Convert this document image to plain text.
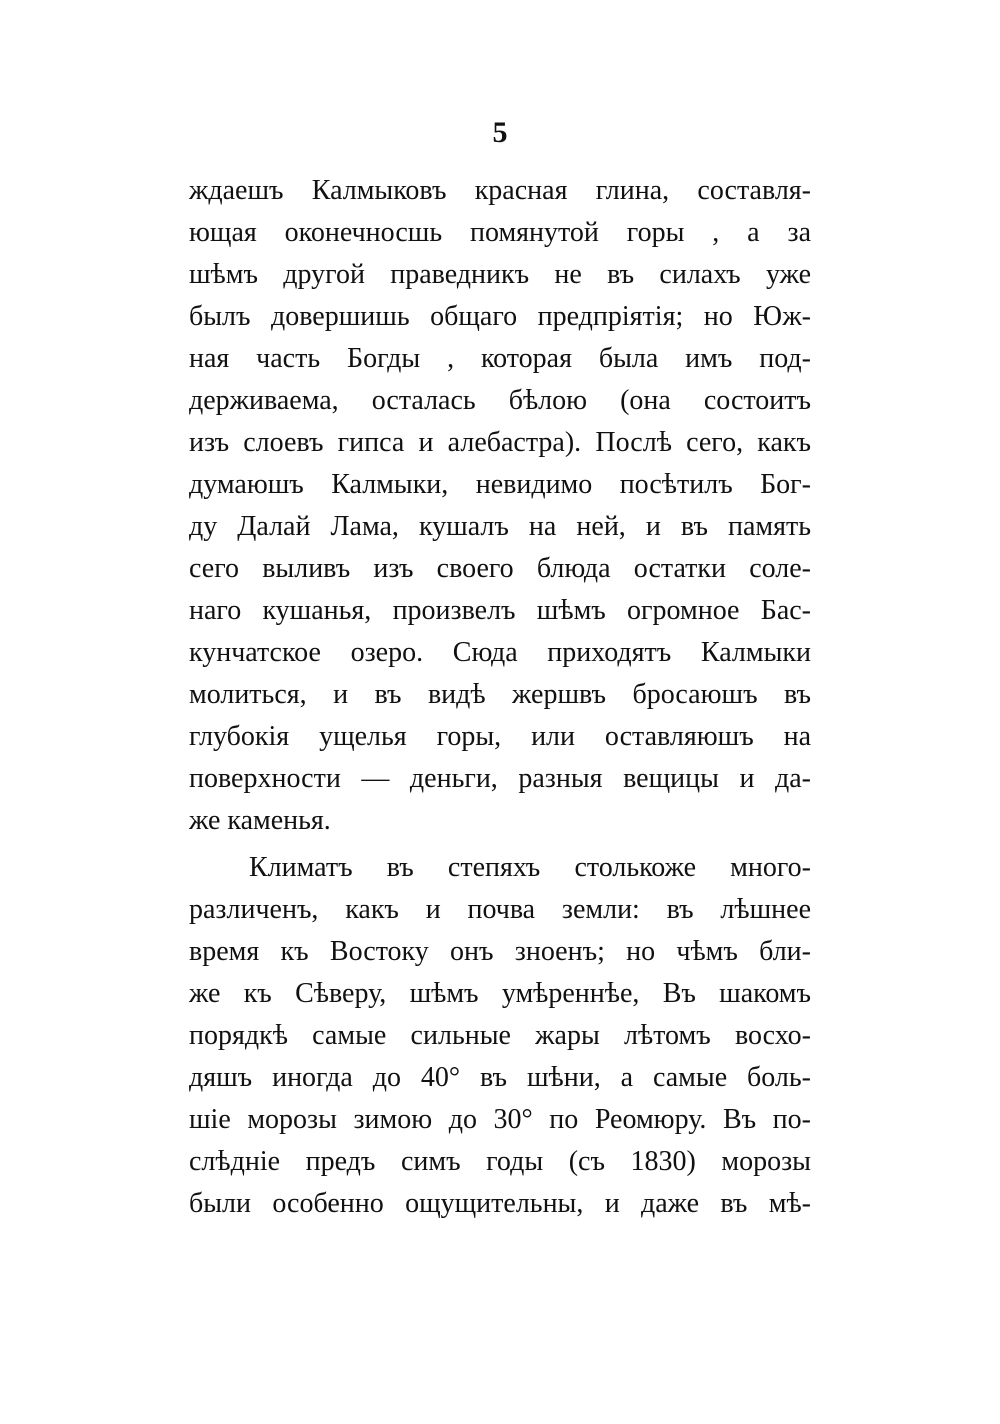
5
ждаешъ Калмыковъ красная глина, составля-
ющая оконечносшь помянутой горы , а за
шѣмъ другой праведникъ не въ силахъ уже
былъ довершишь общаго предпріятія; но Юж-
ная часть Богды , которая была имъ под-
держиваема, осталась бѣлою (она состоитъ
изъ слоевъ гипса и алебастра). Послѣ сего, какъ
думаюшъ Калмыки, невидимо посѣтилъ Бог-
ду Далай Лама, кушалъ на ней, и въ память
сего выливъ изъ своего блюда остатки соле-
наго кушанья, произвелъ шѣмъ огромное Бас-
кунчатское озеро. Сюда приходятъ Калмыки
молиться, и въ видѣ жершвъ бросаюшъ въ
глубокія ущелья горы, или оставляюшъ на
поверхности — деньги, разныя вещицы и да-
же каменья.
Климатъ въ степяхъ столькоже много-
различенъ, какъ и почва земли: въ лѣшнее
время къ Востоку онъ зноенъ; но чѣмъ бли-
же къ Сѣверу, шѣмъ умѣреннѣе, Въ шакомъ
порядкѣ самые сильные жары лѣтомъ восхо-
дяшъ иногда до 40° въ шѣни, а самые боль-
шіе морозы зимою до 30° по Реомюру. Въ по-
слѣдніе предъ симъ годы (съ 1830) морозы
были особенно ощущительны, и даже въ мѣ-
